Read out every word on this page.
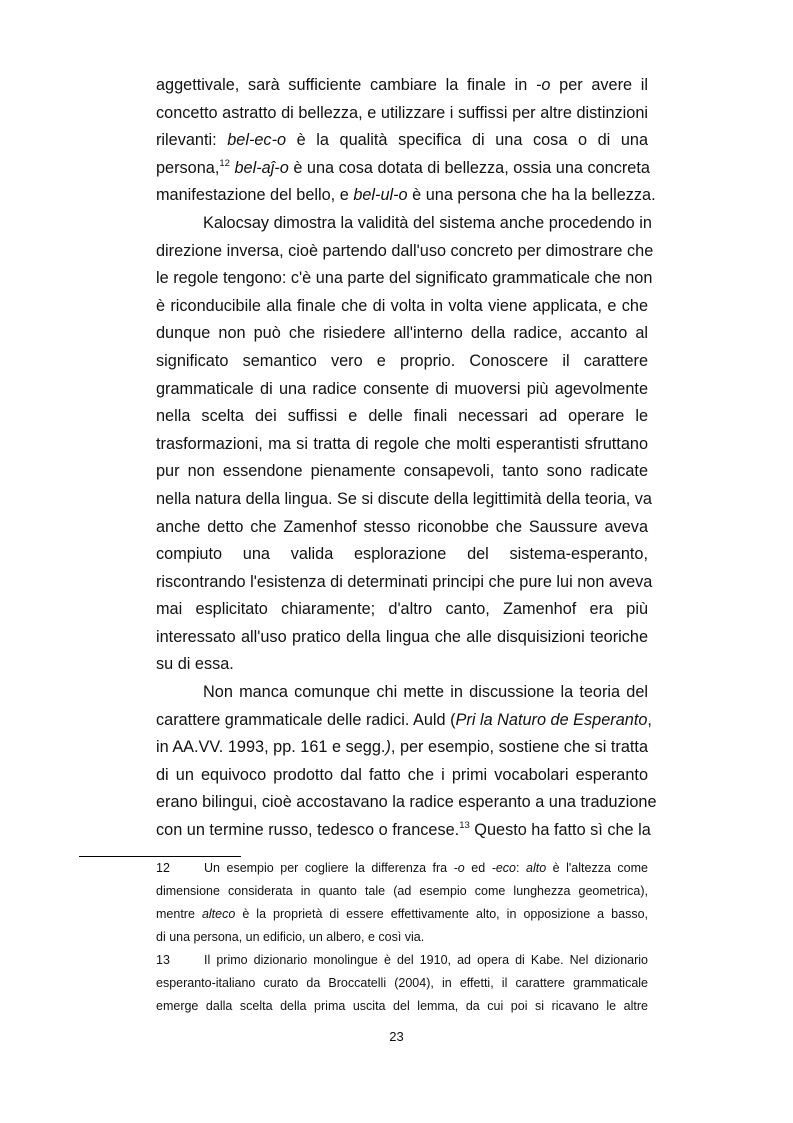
aggettivale, sarà sufficiente cambiare la finale in -o per avere il
concetto astratto di bellezza, e utilizzare i suffissi per altre distinzioni
rilevanti: bel-ec-o è la qualità specifica di una cosa o di una
persona,$^{12}$ bel-aĵ-o è una cosa dotata di bellezza, ossia una concreta
manifestazione del bello, e bel-ul-o è una persona che ha la bellezza.
Kalocsay dimostra la validità del sistema anche procedendo in
direzione inversa, cioè partendo dall'uso concreto per dimostrare che
le regole tengono: c'è una parte del significato grammaticale che non
è riconducibile alla finale che di volta in volta viene applicata, e che
dunque non può che risiedere all'interno della radice, accanto al
significato semantico vero e proprio. Conoscere il carattere
grammaticale di una radice consente di muoversi più agevolmente
nella scelta dei suffissi e delle finali necessari ad operare le
trasformazioni, ma si tratta di regole che molti esperantisti sfruttano
pur non essendone pienamente consapevoli, tanto sono radicate
nella natura della lingua. Se si discute della legittimità della teoria, va
anche detto che Zamenhof stesso riconobbe che Saussure aveva
compiuto una valida esplorazione del sistema-esperanto,
riscontrando l'esistenza di determinati principi che pure lui non aveva
mai esplicitato chiaramente; d'altro canto, Zamenhof era più
interessato all'uso pratico della lingua che alle disquisizioni teoriche
su di essa.
Non manca comunque chi mette in discussione la teoria del
carattere grammaticale delle radici. Auld (Pri la Naturo de Esperanto,
in AA.VV. 1993, pp. 161 e segg.), per esempio, sostiene che si tratta
di un equivoco prodotto dal fatto che i primi vocabolari esperanto
erano bilingui, cioè accostavano la radice esperanto a una traduzione
con un termine russo, tedesco o francese.$^{13}$ Questo ha fatto sì che la
12	Un esempio per cogliere la differenza fra -o ed -eco: alto è l'altezza come
dimensione considerata in quanto tale (ad esempio come lunghezza geometrica),
mentre alteco è la proprietà di essere effettivamente alto, in opposizione a basso,
di una persona, un edificio, un albero, e così via.
13	Il primo dizionario monolingue è del 1910, ad opera di Kabe. Nel dizionario
esperanto-italiano curato da Broccatelli (2004), in effetti, il carattere grammaticale
emerge dalla scelta della prima uscita del lemma, da cui poi si ricavano le altre
23
